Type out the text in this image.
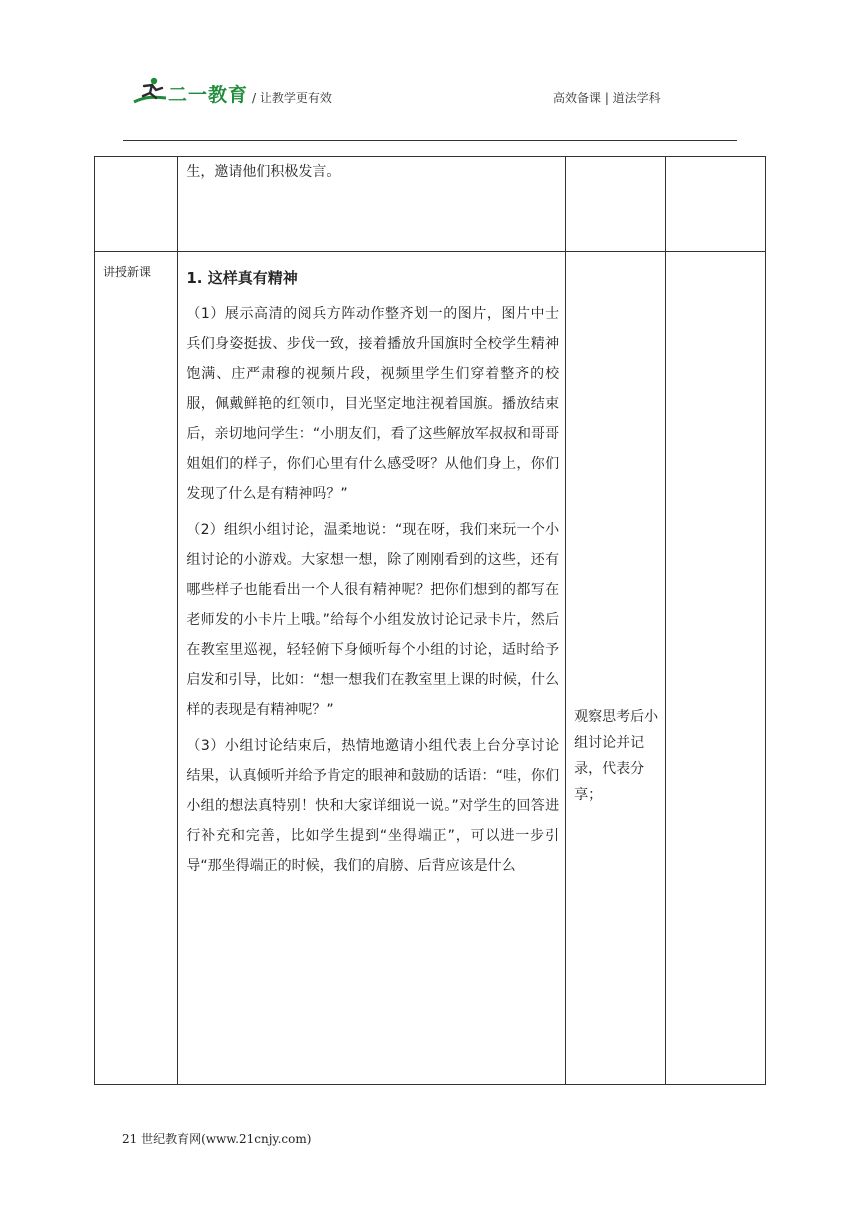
二一教育 / 让教学更有效	高效备课 | 道法学科

	生，邀请他们积极发言。		

讲授新课	1. 这样真有精神

（1）展示高清的阅兵方阵动作整齐划一的图片，图片中士兵们身姿挺拔、步伐一致，接着播放升国旗时全校学生精神饱满、庄严肃穆的视频片段，视频里学生们穿着整齐的校服，佩戴鲜艳的红领巾，目光坚定地注视着国旗。播放结束后，亲切地问学生：“小朋友们，看了这些解放军叔叔和哥哥姐姐们的样子，你们心里有什么感受呀？从他们身上，你们发现了什么是有精神吗？”

（2）组织小组讨论，温柔地说：“现在呀，我们来玩一个小组讨论的小游戏。大家想一想，除了刚刚看到的这些，还有哪些样子也能看出一个人很有精神呢？把你们想到的都写在老师发的小卡片上哦。”给每个小组发放讨论记录卡片，然后在教室里巡视，轻轻俯下身倾听每个小组的讨论，适时给予启发和引导，比如：“想一想我们在教室里上课的时候，什么样的表现是有精神呢？”

（3）小组讨论结束后，热情地邀请小组代表上台分享讨论结果，认真倾听并给予肯定的眼神和鼓励的话语：“哇，你们小组的想法真特别！快和大家详细说一说。”对学生的回答进行补充和完善，比如学生提到“坐得端正”，可以进一步引导“那坐得端正的时候，我们的肩膀、后背应该是什么	观察思考后小组讨论并记录，代表分享；	

21 世纪教育网(www.21cnjy.com)
